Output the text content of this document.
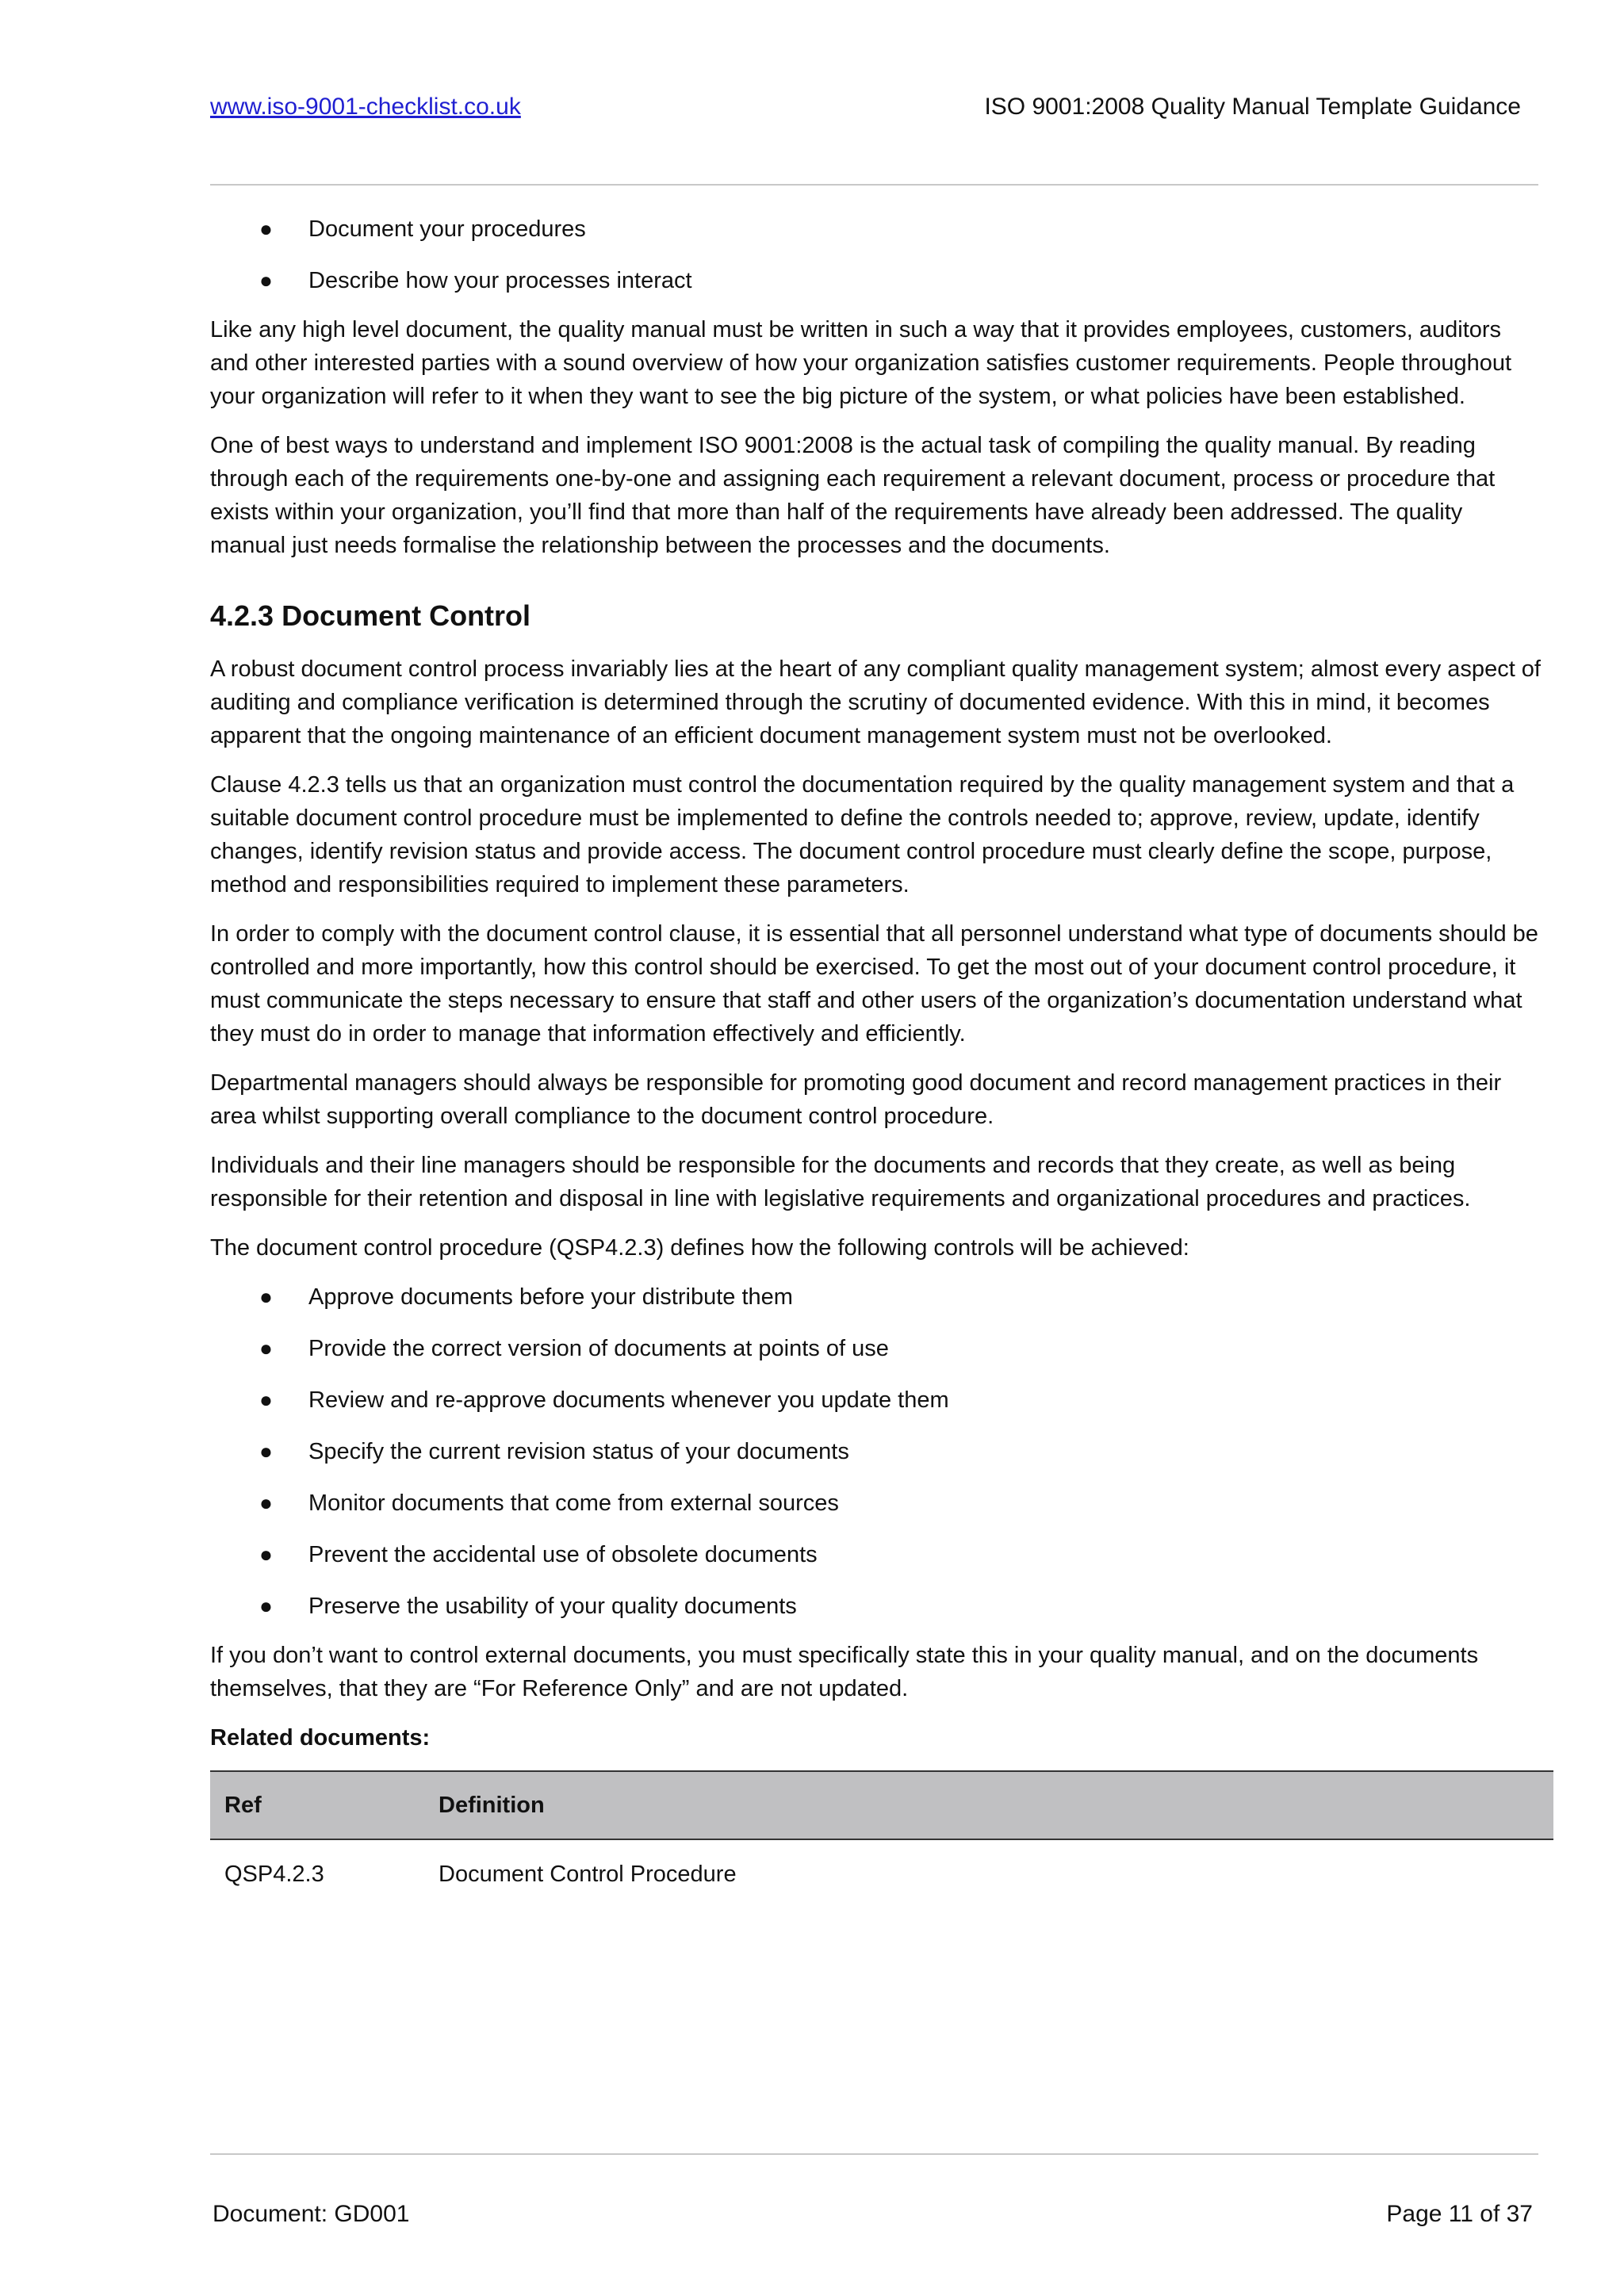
www.iso-9001-checklist.co.uk	ISO 9001:2008 Quality Manual Template Guidance
● Document your procedures
● Describe how your processes interact

Like any high level document, the quality manual must be written in such a way that it provides employees, customers, auditors and other interested parties with a sound overview of how your organization satisfies customer requirements. People throughout your organization will refer to it when they want to see the big picture of the system, or what policies have been established.

One of best ways to understand and implement ISO 9001:2008 is the actual task of compiling the quality manual. By reading through each of the requirements one-by-one and assigning each requirement a relevant document, process or procedure that exists within your organization, you’ll find that more than half of the requirements have already been addressed. The quality manual just needs formalise the relationship between the processes and the documents.

4.2.3 Document Control

A robust document control process invariably lies at the heart of any compliant quality management system; almost every aspect of auditing and compliance verification is determined through the scrutiny of documented evidence. With this in mind, it becomes apparent that the ongoing maintenance of an efficient document management system must not be overlooked.

Clause 4.2.3 tells us that an organization must control the documentation required by the quality management system and that a suitable document control procedure must be implemented to define the controls needed to; approve, review, update, identify changes, identify revision status and provide access. The document control procedure must clearly define the scope, purpose, method and responsibilities required to implement these parameters.

In order to comply with the document control clause, it is essential that all personnel understand what type of documents should be controlled and more importantly, how this control should be exercised. To get the most out of your document control procedure, it must communicate the steps necessary to ensure that staff and other users of the organization’s documentation understand what they must do in order to manage that information effectively and efficiently.

Departmental managers should always be responsible for promoting good document and record management practices in their area whilst supporting overall compliance to the document control procedure.

Individuals and their line managers should be responsible for the documents and records that they create, as well as being responsible for their retention and disposal in line with legislative requirements and organizational procedures and practices.

The document control procedure (QSP4.2.3) defines how the following controls will be achieved:

● Approve documents before your distribute them
● Provide the correct version of documents at points of use
● Review and re-approve documents whenever you update them
● Specify the current revision status of your documents
● Monitor documents that come from external sources
● Prevent the accidental use of obsolete documents
● Preserve the usability of your quality documents

If you don’t want to control external documents, you must specifically state this in your quality manual, and on the documents themselves, that they are “For Reference Only” and are not updated.

Related documents:

Ref	Definition
QSP4.2.3	Document Control Procedure
Document: GD001	Page 11 of 37
